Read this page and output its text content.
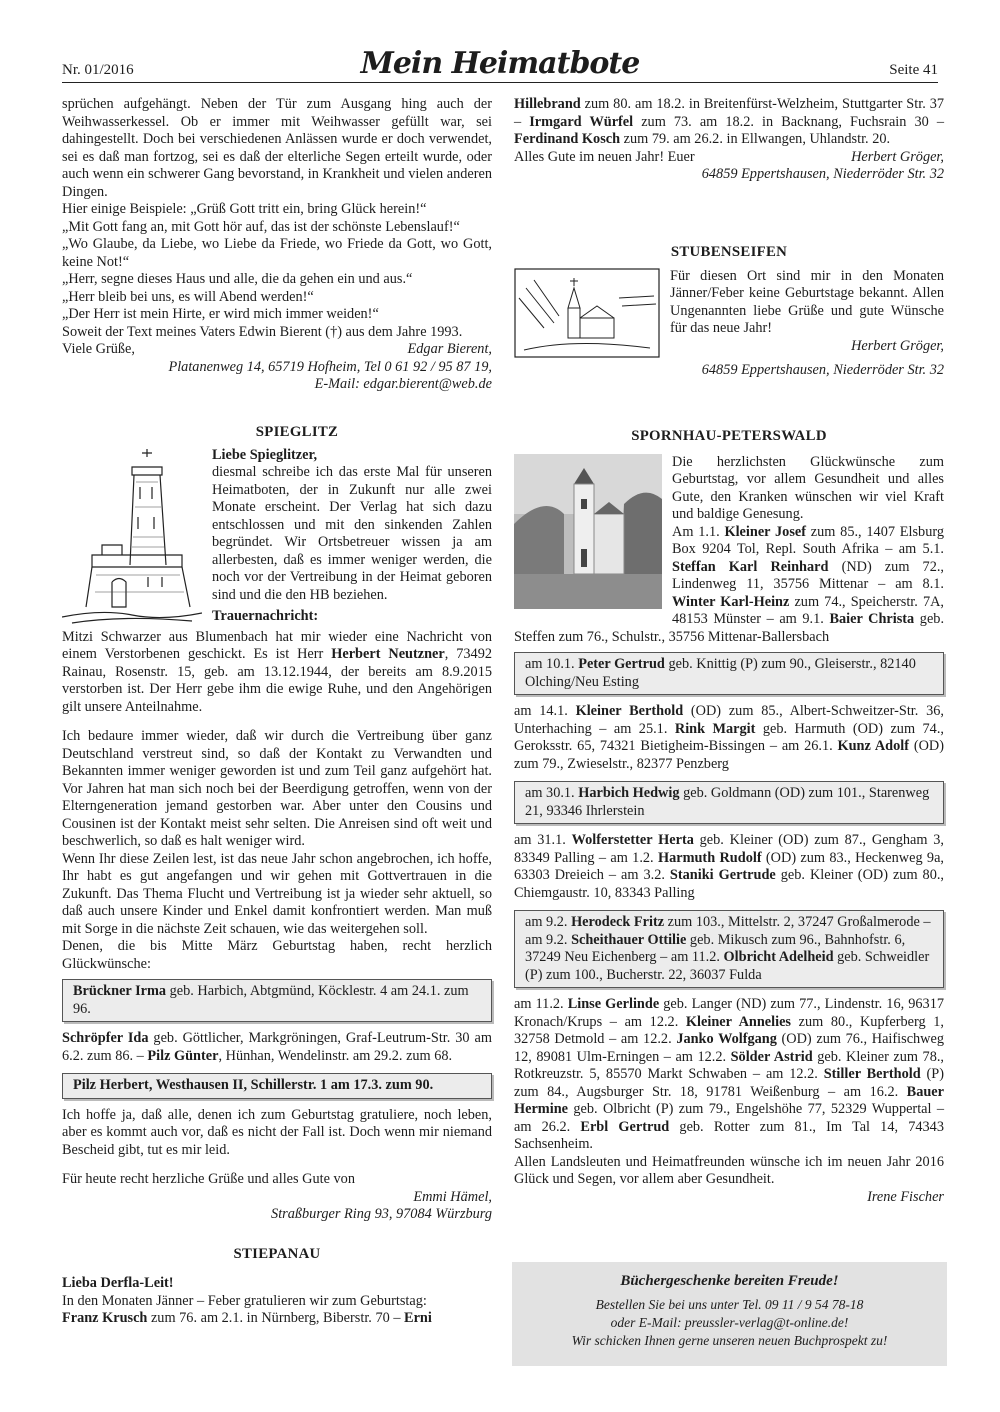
Nr. 01/2016	Mein Heimatbote	Seite 41

sprüchen aufgehängt. Neben der Tür zum Ausgang hing auch der Weihwasserkessel. Ob er immer mit Weihwasser gefüllt war, sei dahingestellt. Doch bei verschiedenen Anlässen wurde er doch verwendet, sei es daß man fortzog, sei es daß der elterliche Segen erteilt wurde, oder auch wenn ein schwerer Gang bevorstand, in Krankheit und vielen anderen Dingen.

Hier einige Beispiele: „Grüß Gott tritt ein, bring Glück herein!“

„Mit Gott fang an, mit Gott hör auf, das ist der schönste Lebenslauf!“

„Wo Glaube, da Liebe, wo Liebe da Friede, wo Friede da Gott, wo Gott, keine Not!“

„Herr, segne dieses Haus und alle, die da gehen ein und aus.“

„Herr bleib bei uns, es will Abend werden!“

„Der Herr ist mein Hirte, er wird mich immer weiden!“

Soweit der Text meines Vaters Edwin Bierent (†) aus dem Jahre 1993.

Viele Grüße,	Edgar Bierent,

Platanenweg 14, 65719 Hofheim, Tel 0 61 92 / 95 87 19,

E-Mail: edgar.bierent@web.de

SPIEGLITZ

Liebe Spieglitzer,

diesmal schreibe ich das erste Mal für unseren Heimatboten, der in Zukunft nur alle zwei Monate erscheint. Der Verlag hat sich dazu entschlossen und mit den sinkenden Zahlen begründet. Wir Ortsbetreuer wissen ja am allerbesten, daß es immer weniger werden, die noch vor der Vertreibung in der Heimat geboren sind und die den HB beziehen.

Trauernachricht:

Mitzi Schwarzer aus Blumenbach hat mir wieder eine Nachricht von einem Verstorbenen geschickt. Es ist Herr Herbert Neutzner, 73492 Rainau, Rosenstr. 15, geb. am 13.12.1944, der bereits am 8.9.2015 verstorben ist. Der Herr gebe ihm die ewige Ruhe, und den Angehörigen gilt unsere Anteilnahme.

Ich bedaure immer wieder, daß wir durch die Vertreibung über ganz Deutschland verstreut sind, so daß der Kontakt zu Verwandten und Bekannten immer weniger geworden ist und zum Teil ganz aufgehört hat. Vor Jahren hat man sich noch bei der Beerdigung getroffen, wenn von der Elterngeneration jemand gestorben war. Aber unter den Cousins und Cousinen ist der Kontakt meist sehr selten. Die Anreisen sind oft weit und beschwerlich, so daß es halt weniger wird.

Wenn Ihr diese Zeilen lest, ist das neue Jahr schon angebrochen, ich hoffe, Ihr habt es gut angefangen und wir gehen mit Gottvertrauen in die Zukunft. Das Thema Flucht und Vertreibung ist ja wieder sehr aktuell, so daß auch unsere Kinder und Enkel damit konfrontiert werden. Man muß mit Sorge in die nächste Zeit schauen, wie das weitergehen soll.

Denen, die bis Mitte März Geburtstag haben, recht herzlich Glückwünsche:

Brückner Irma geb. Harbich, Abtgmünd, Köcklestr. 4 am 24.1. zum 96.

Schröpfer Ida geb. Göttlicher, Markgröningen, Graf-Leutrum-Str. 30 am 6.2. zum 86. – Pilz Günter, Hünhan, Wendelinstr. am 29.2. zum 68.

Pilz Herbert, Westhausen II, Schillerstr. 1 am 17.3. zum 90.

Ich hoffe ja, daß alle, denen ich zum Geburtstag gratuliere, noch leben, aber es kommt auch vor, daß es nicht der Fall ist. Doch wenn mir niemand Bescheid gibt, tut es mir leid.

Für heute recht herzliche Grüße und alles Gute von

Emmi Hämel,

Straßburger Ring 93, 97084 Würzburg

STIEPANAU

Lieba Derfla-Leit!

In den Monaten Jänner – Feber gratulieren wir zum Geburtstag:

Franz Krusch zum 76. am 2.1. in Nürnberg, Biberstr. 70 – Erni

Hillebrand zum 80. am 18.2. in Breitenfürst-Welzheim, Stuttgarter Str. 37 – Irmgard Würfel zum 73. am 18.2. in Backnang, Fuchsrain 30 – Ferdinand Kosch zum 79. am 26.2. in Ellwangen, Uhlandstr. 20.

Alles Gute im neuen Jahr! Euer	Herbert Gröger,

64859 Eppertshausen, Niederröder Str. 32

STUBENSEIFEN

Für diesen Ort sind mir in den Monaten Jänner/Feber keine Geburtstage bekannt. Allen Ungenannten liebe Grüße und gute Wünsche für das neue Jahr!

Herbert Gröger,

64859 Eppertshausen, Niederröder Str. 32

SPORNHAU-PETERSWALD

Die herzlichsten Glückwünsche zum Geburtstag, vor allem Gesundheit und alles Gute, den Kranken wünschen wir viel Kraft und baldige Genesung.

Am 1.1. Kleiner Josef zum 85., 1407 Elsburg Box 9204 Tol, Repl. South Afrika – am 5.1. Steffan Karl Reinhard (ND) zum 72., Lindenweg 11, 35756 Mittenar – am 8.1. Winter Karl-Heinz zum 74., Speicherstr. 7A, 48153 Münster – am 9.1. Baier Christa geb. Steffen zum 76., Schulstr., 35756 Mittenar-Ballersbach

am 10.1. Peter Gertrud geb. Knittig (P) zum 90., Gleiserstr., 82140 Olching/Neu Esting

am 14.1. Kleiner Berthold (OD) zum 85., Albert-Schweitzer-Str. 36, Unterhaching – am 25.1. Rink Margit geb. Harmuth (OD) zum 74., Geroksstr. 65, 74321 Bietigheim-Bissingen – am 26.1. Kunz Adolf (OD) zum 79., Zwieselstr., 82377 Penzberg

am 30.1. Harbich Hedwig geb. Goldmann (OD) zum 101., Starenweg 21, 93346 Ihrlerstein

am 31.1. Wolferstetter Herta geb. Kleiner (OD) zum 87., Gengham 3, 83349 Palling – am 1.2. Harmuth Rudolf (OD) zum 83., Heckenweg 9a, 63303 Dreieich – am 3.2. Staniki Gertrude geb. Kleiner (OD) zum 80., Chiemgaustr. 10, 83343 Palling

am 9.2. Herodeck Fritz zum 103., Mittelstr. 2, 37247 Großalmerode – am 9.2. Scheithauer Ottilie geb. Mikusch zum 96., Bahnhofstr. 6, 37249 Neu Eichenberg – am 11.2. Olbricht Adelheid geb. Schweidler (P) zum 100., Bucherstr. 22, 36037 Fulda

am 11.2. Linse Gerlinde geb. Langer (ND) zum 77., Lindenstr. 16, 96317 Kronach/Krups – am 12.2. Kleiner Annelies zum 80., Kupferberg 1, 32758 Detmold – am 12.2. Janko Wolfgang (OD) zum 76., Haifischweg 12, 89081 Ulm-Erningen – am 12.2. Sölder Astrid geb. Kleiner zum 78., Rotkreuzstr. 5, 85570 Markt Schwaben – am 12.2. Stiller Berthold (P) zum 84., Augsburger Str. 18, 91781 Weißenburg – am 16.2. Bauer Hermine geb. Olbricht (P) zum 79., Engelshöhe 77, 52329 Wuppertal – am 26.2. Erbl Gertrud geb. Rotter zum 81., Im Tal 14, 74343 Sachsenheim.

Allen Landsleuten und Heimatfreunden wünsche ich im neuen Jahr 2016 Glück und Segen, vor allem aber Gesundheit.

Irene Fischer

Büchergeschenke bereiten Freude!
Bestellen Sie bei uns unter Tel. 09 11 / 9 54 78-18
oder E-Mail: preussler-verlag@t-online.de!
Wir schicken Ihnen gerne unseren neuen Buchprospekt zu!
